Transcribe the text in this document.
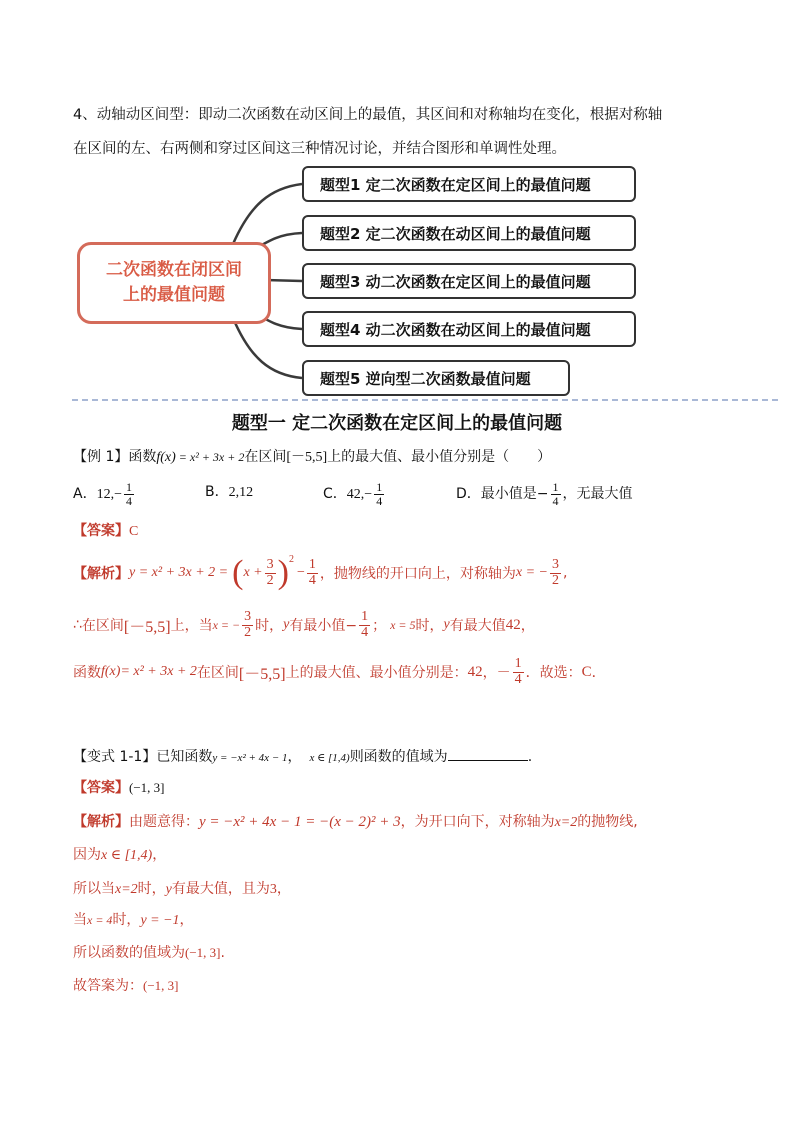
4、动轴动区间型：即动二次函数在动区间上的最值，其区间和对称轴均在变化，根据对称轴
在区间的左、右两侧和穿过区间这三种情况讨论，并结合图形和单调性处理。
二次函数在闭区间
上的最值问题
题型1 定二次函数在定区间上的最值问题
题型2 定二次函数在动区间上的最值问题
题型3 动二次函数在定区间上的最值问题
题型4 动二次函数在动区间上的最值问题
题型5 逆向型二次函数最值问题
题型一 定二次函数在定区间上的最值问题
【例 1】函数f(x) = x² + 3x + 2在区间[－5,5]上的最大值、最小值分别是（　　）
A．$12,- \frac{1}{4}$	B．2,12	C．$42,- \frac{1}{4}$	D．最小值是− $\frac{1}{4}$ ，无最大值
【答案】C
【解析】 y = x² + 3x + 2 = ( $x + \frac{3}{2}$ ) 2
− $\frac{1}{4}$ ，抛物线的开口向上，对称轴为 x = − $\frac{3}{2}$ ,
∴ 在区间 [－5,5] 上，当 x = − $\frac{3}{2}$ 时， y 有最小值− $\frac{1}{4}$ ； x = 5 时， y 有最大值 42 ，
函数 f (x) = x² + 3x + 2 在区间 [－5,5] 上的最大值、最小值分别是： 42 ，－ $\frac{1}{4}$ ．故选： C ．
【变式 1-1】已知函数y = −x² + 4x − 1， x ∈ [1,4)则函数的值域为	.
【答案】(−1, 3]
【解析】由题意得：y = −x² + 4x − 1 = −(x − 2)² + 3，为开口向下，对称轴为x=2的抛物线,
因为x ∈ [1,4)，
所以当x=2时，y有最大值，且为3，
当x = 4时，y = −1，
所以函数的值域为(−1, 3].
故答案为：(−1, 3]
